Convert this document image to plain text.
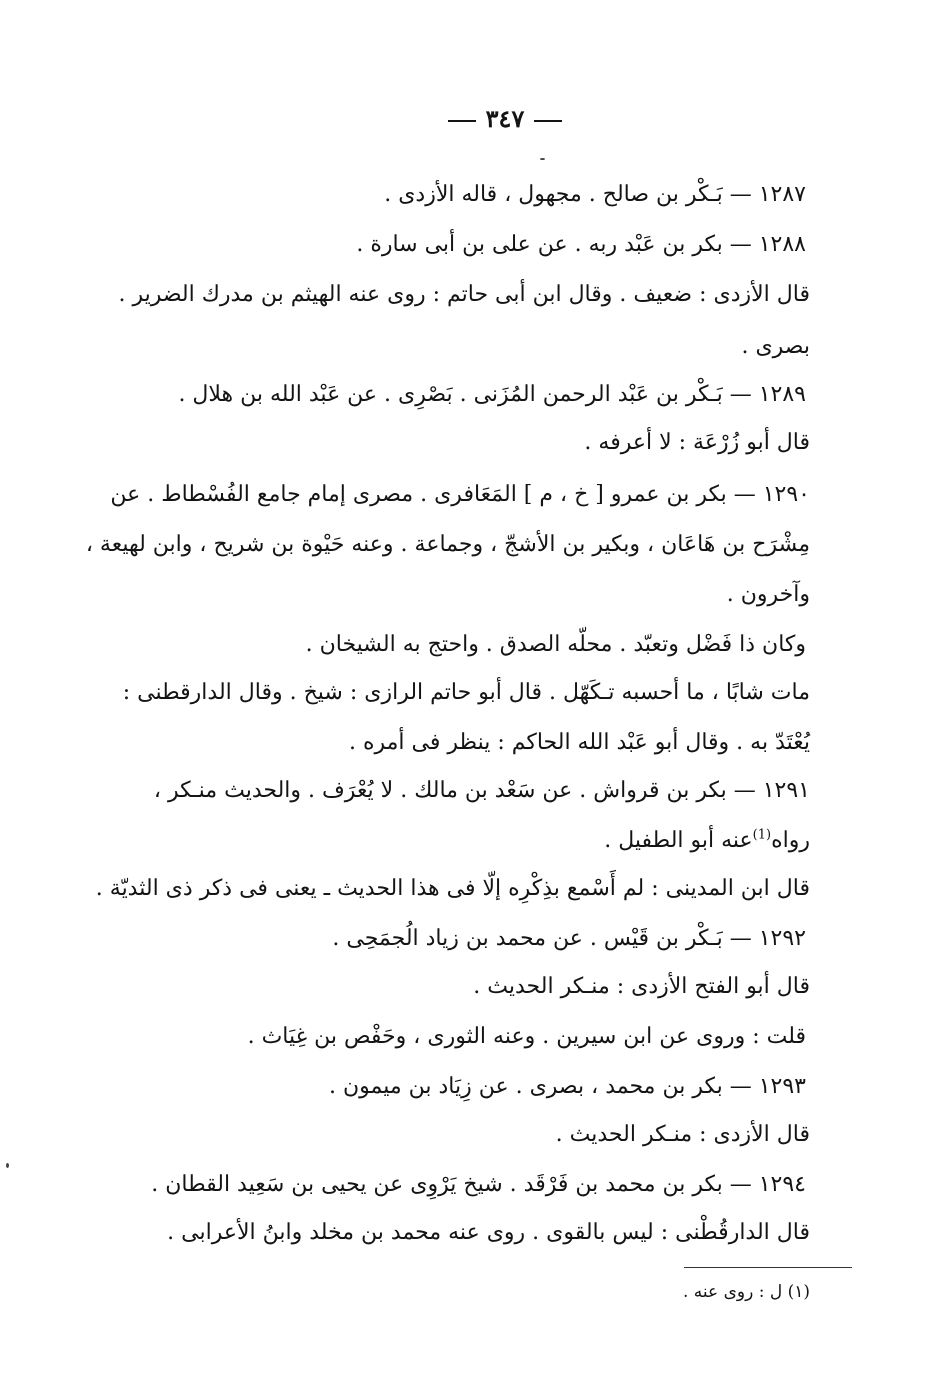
٣٤٧
١٢٨٧ — بَـكْر بن صالح . مجهول ، قاله الأزدى .
١٢٨٨ — بكر بن عَبْد ربه . عن على بن أبى سارة .
قال الأزدى : ضعيف . وقال ابن أبى حاتم : روى عنه الهيثم بن مدرك الضرير .
بصرى .
١٢٨٩ — بَـكْر بن عَبْد الرحمن المُزَنى . بَصْرِى . عن عَبْد الله بن هلال .
قال أبو زُرْعَة : لا أعرفه .
١٢٩٠ — بكر بن عمرو [ خ ، م ] المَعَافرى . مصرى إمام جامع الفُسْطاط . عن
مِشْرَح بن هَاعَان ، وبكير بن الأشجّ ، وجماعة . وعنه حَيْوة بن شريح ، وابن لهيعة ،
وآخرون .
وكان ذا فَضْل وتعبّد . محلّه الصدق . واحتج به الشيخان .
مات شابًا ، ما أحسبه تـكَهّل . قال أبو حاتم الرازى : شيخ . وقال الدارقطنى :
يُعْتَدّ به . وقال أبو عَبْد الله الحاكم : ينظر فى أمره .
١٢٩١ — بكر بن قرواش . عن سَعْد بن مالك . لا يُعْرَف . والحديث منـكر ،
رواه$^{(1)}$عنه أبو الطفيل .
قال ابن المدينى : لم أَسْمع بذِكْرِه إلّا فى هذا الحديث ـ يعنى فى ذكر ذى الثديّة .
١٢٩٢ — بَـكْر بن قَيْس . عن محمد بن زياد الُجمَحِى .
قال أبو الفتح الأزدى : منـكر الحديث .
قلت : وروى عن ابن سيرين . وعنه الثورى ، وحَفْص بن غِيَاث .
١٢٩٣ — بكر بن محمد ، بصرى . عن زِيَاد بن ميمون .
قال الأزدى : منـكر الحديث .
١٢٩٤ — بكر بن محمد بن فَرْقَد . شيخ يَرْوِى عن يحيى بن سَعِيد القطان .
قال الدارقُطْنى : ليس بالقوى . روى عنه محمد بن مخلد وابنُ الأعرابى .
(١) ل : روى عنه .
